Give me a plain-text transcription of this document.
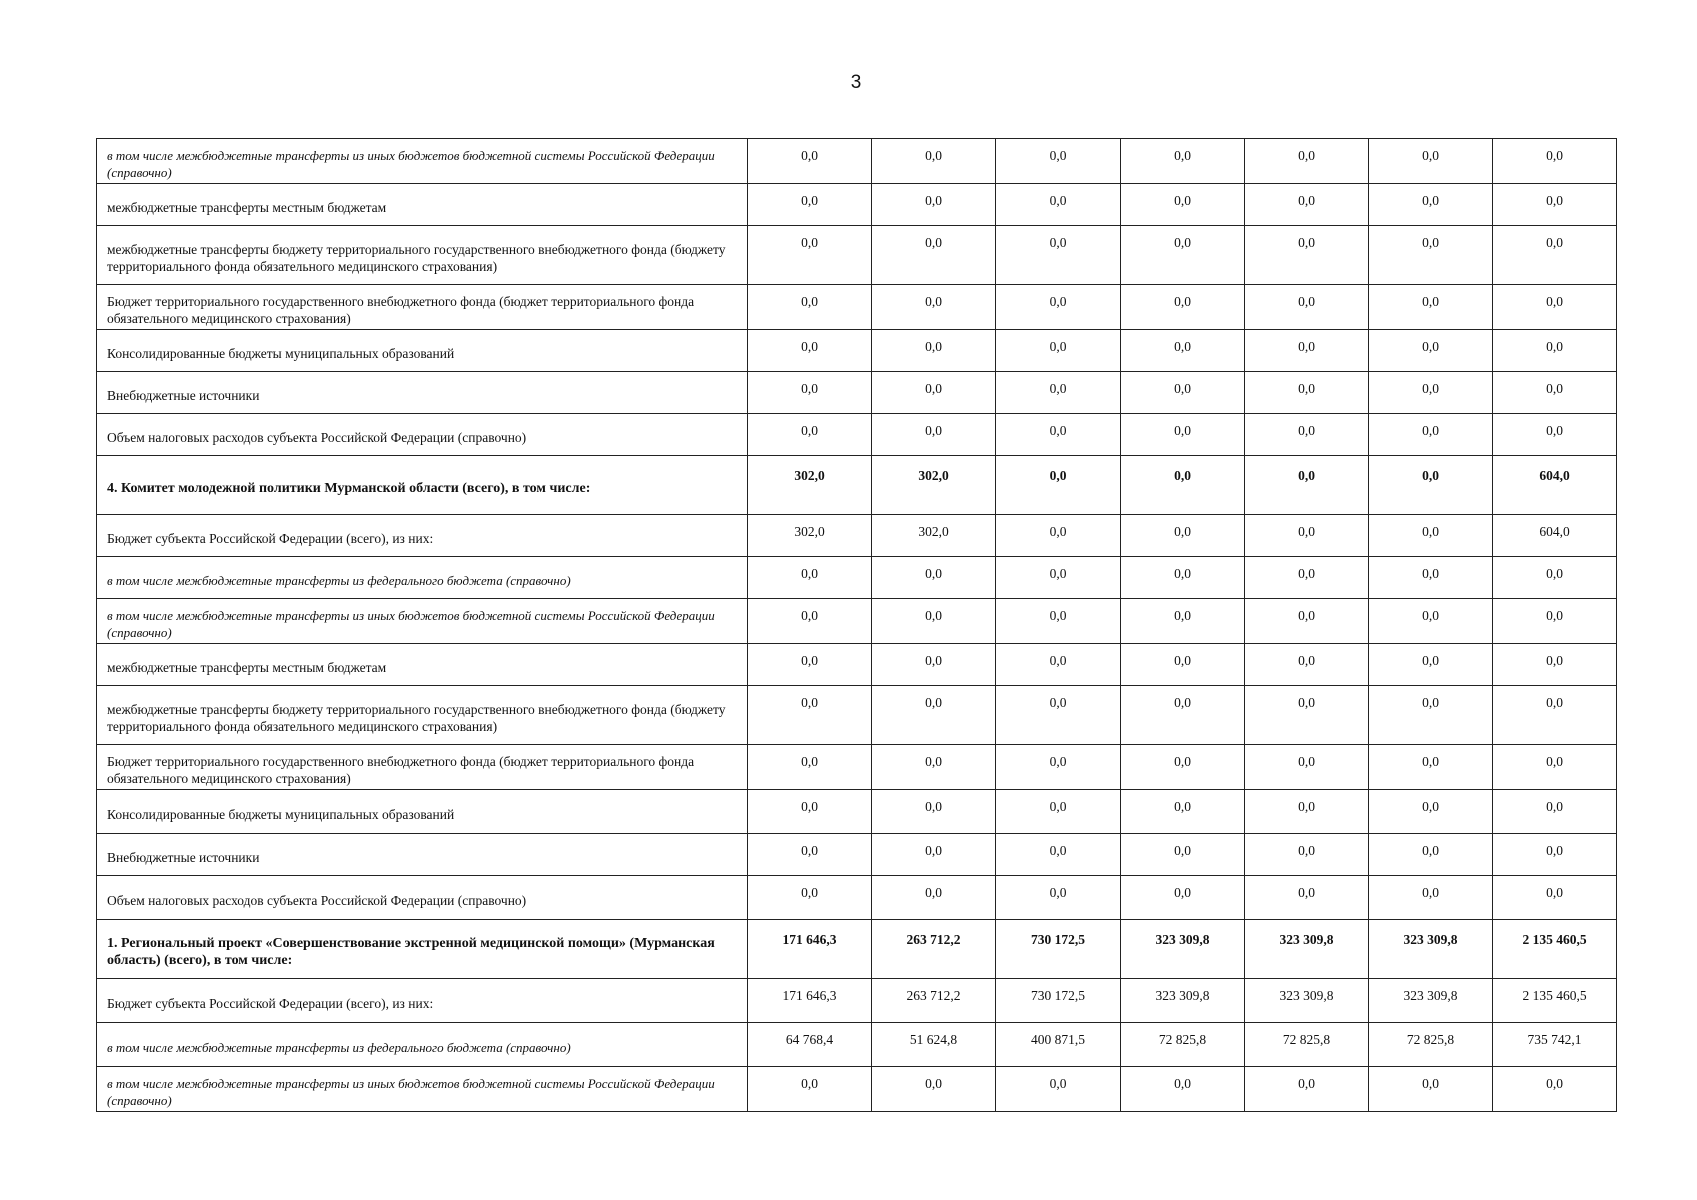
3
в том числе межбюджетные трансферты из иных бюджетов бюджетной системы Российской Федерации (справочно)	0,0	0,0	0,0	0,0	0,0	0,0	0,0
межбюджетные трансферты местным бюджетам	0,0	0,0	0,0	0,0	0,0	0,0	0,0
межбюджетные трансферты бюджету территориального государственного внебюджетного фонда (бюджету территориального фонда обязательного медицинского страхования)	0,0	0,0	0,0	0,0	0,0	0,0	0,0
Бюджет территориального государственного внебюджетного фонда (бюджет территориального фонда обязательного медицинского страхования)	0,0	0,0	0,0	0,0	0,0	0,0	0,0
Консолидированные бюджеты муниципальных образований	0,0	0,0	0,0	0,0	0,0	0,0	0,0
Внебюджетные источники	0,0	0,0	0,0	0,0	0,0	0,0	0,0
Объем налоговых расходов субъекта Российской Федерации (справочно)	0,0	0,0	0,0	0,0	0,0	0,0	0,0
4. Комитет молодежной политики Мурманской области (всего), в том числе:	302,0	302,0	0,0	0,0	0,0	0,0	604,0
Бюджет субъекта Российской Федерации (всего), из них:	302,0	302,0	0,0	0,0	0,0	0,0	604,0
в том числе межбюджетные трансферты из федерального бюджета (справочно)	0,0	0,0	0,0	0,0	0,0	0,0	0,0
в том числе межбюджетные трансферты из иных бюджетов бюджетной системы Российской Федерации (справочно)	0,0	0,0	0,0	0,0	0,0	0,0	0,0
межбюджетные трансферты местным бюджетам	0,0	0,0	0,0	0,0	0,0	0,0	0,0
межбюджетные трансферты бюджету территориального государственного внебюджетного фонда (бюджету территориального фонда обязательного медицинского страхования)	0,0	0,0	0,0	0,0	0,0	0,0	0,0
Бюджет территориального государственного внебюджетного фонда (бюджет территориального фонда обязательного медицинского страхования)	0,0	0,0	0,0	0,0	0,0	0,0	0,0
Консолидированные бюджеты муниципальных образований	0,0	0,0	0,0	0,0	0,0	0,0	0,0
Внебюджетные источники	0,0	0,0	0,0	0,0	0,0	0,0	0,0
Объем налоговых расходов субъекта Российской Федерации (справочно)	0,0	0,0	0,0	0,0	0,0	0,0	0,0
1. Региональный проект «Совершенствование экстренной медицинской помощи» (Мурманская область) (всего), в том числе:	171 646,3	263 712,2	730 172,5	323 309,8	323 309,8	323 309,8	2 135 460,5
Бюджет субъекта Российской Федерации (всего), из них:	171 646,3	263 712,2	730 172,5	323 309,8	323 309,8	323 309,8	2 135 460,5
в том числе межбюджетные трансферты из федерального бюджета (справочно)	64 768,4	51 624,8	400 871,5	72 825,8	72 825,8	72 825,8	735 742,1
в том числе межбюджетные трансферты из иных бюджетов бюджетной системы Российской Федерации (справочно)	0,0	0,0	0,0	0,0	0,0	0,0	0,0
